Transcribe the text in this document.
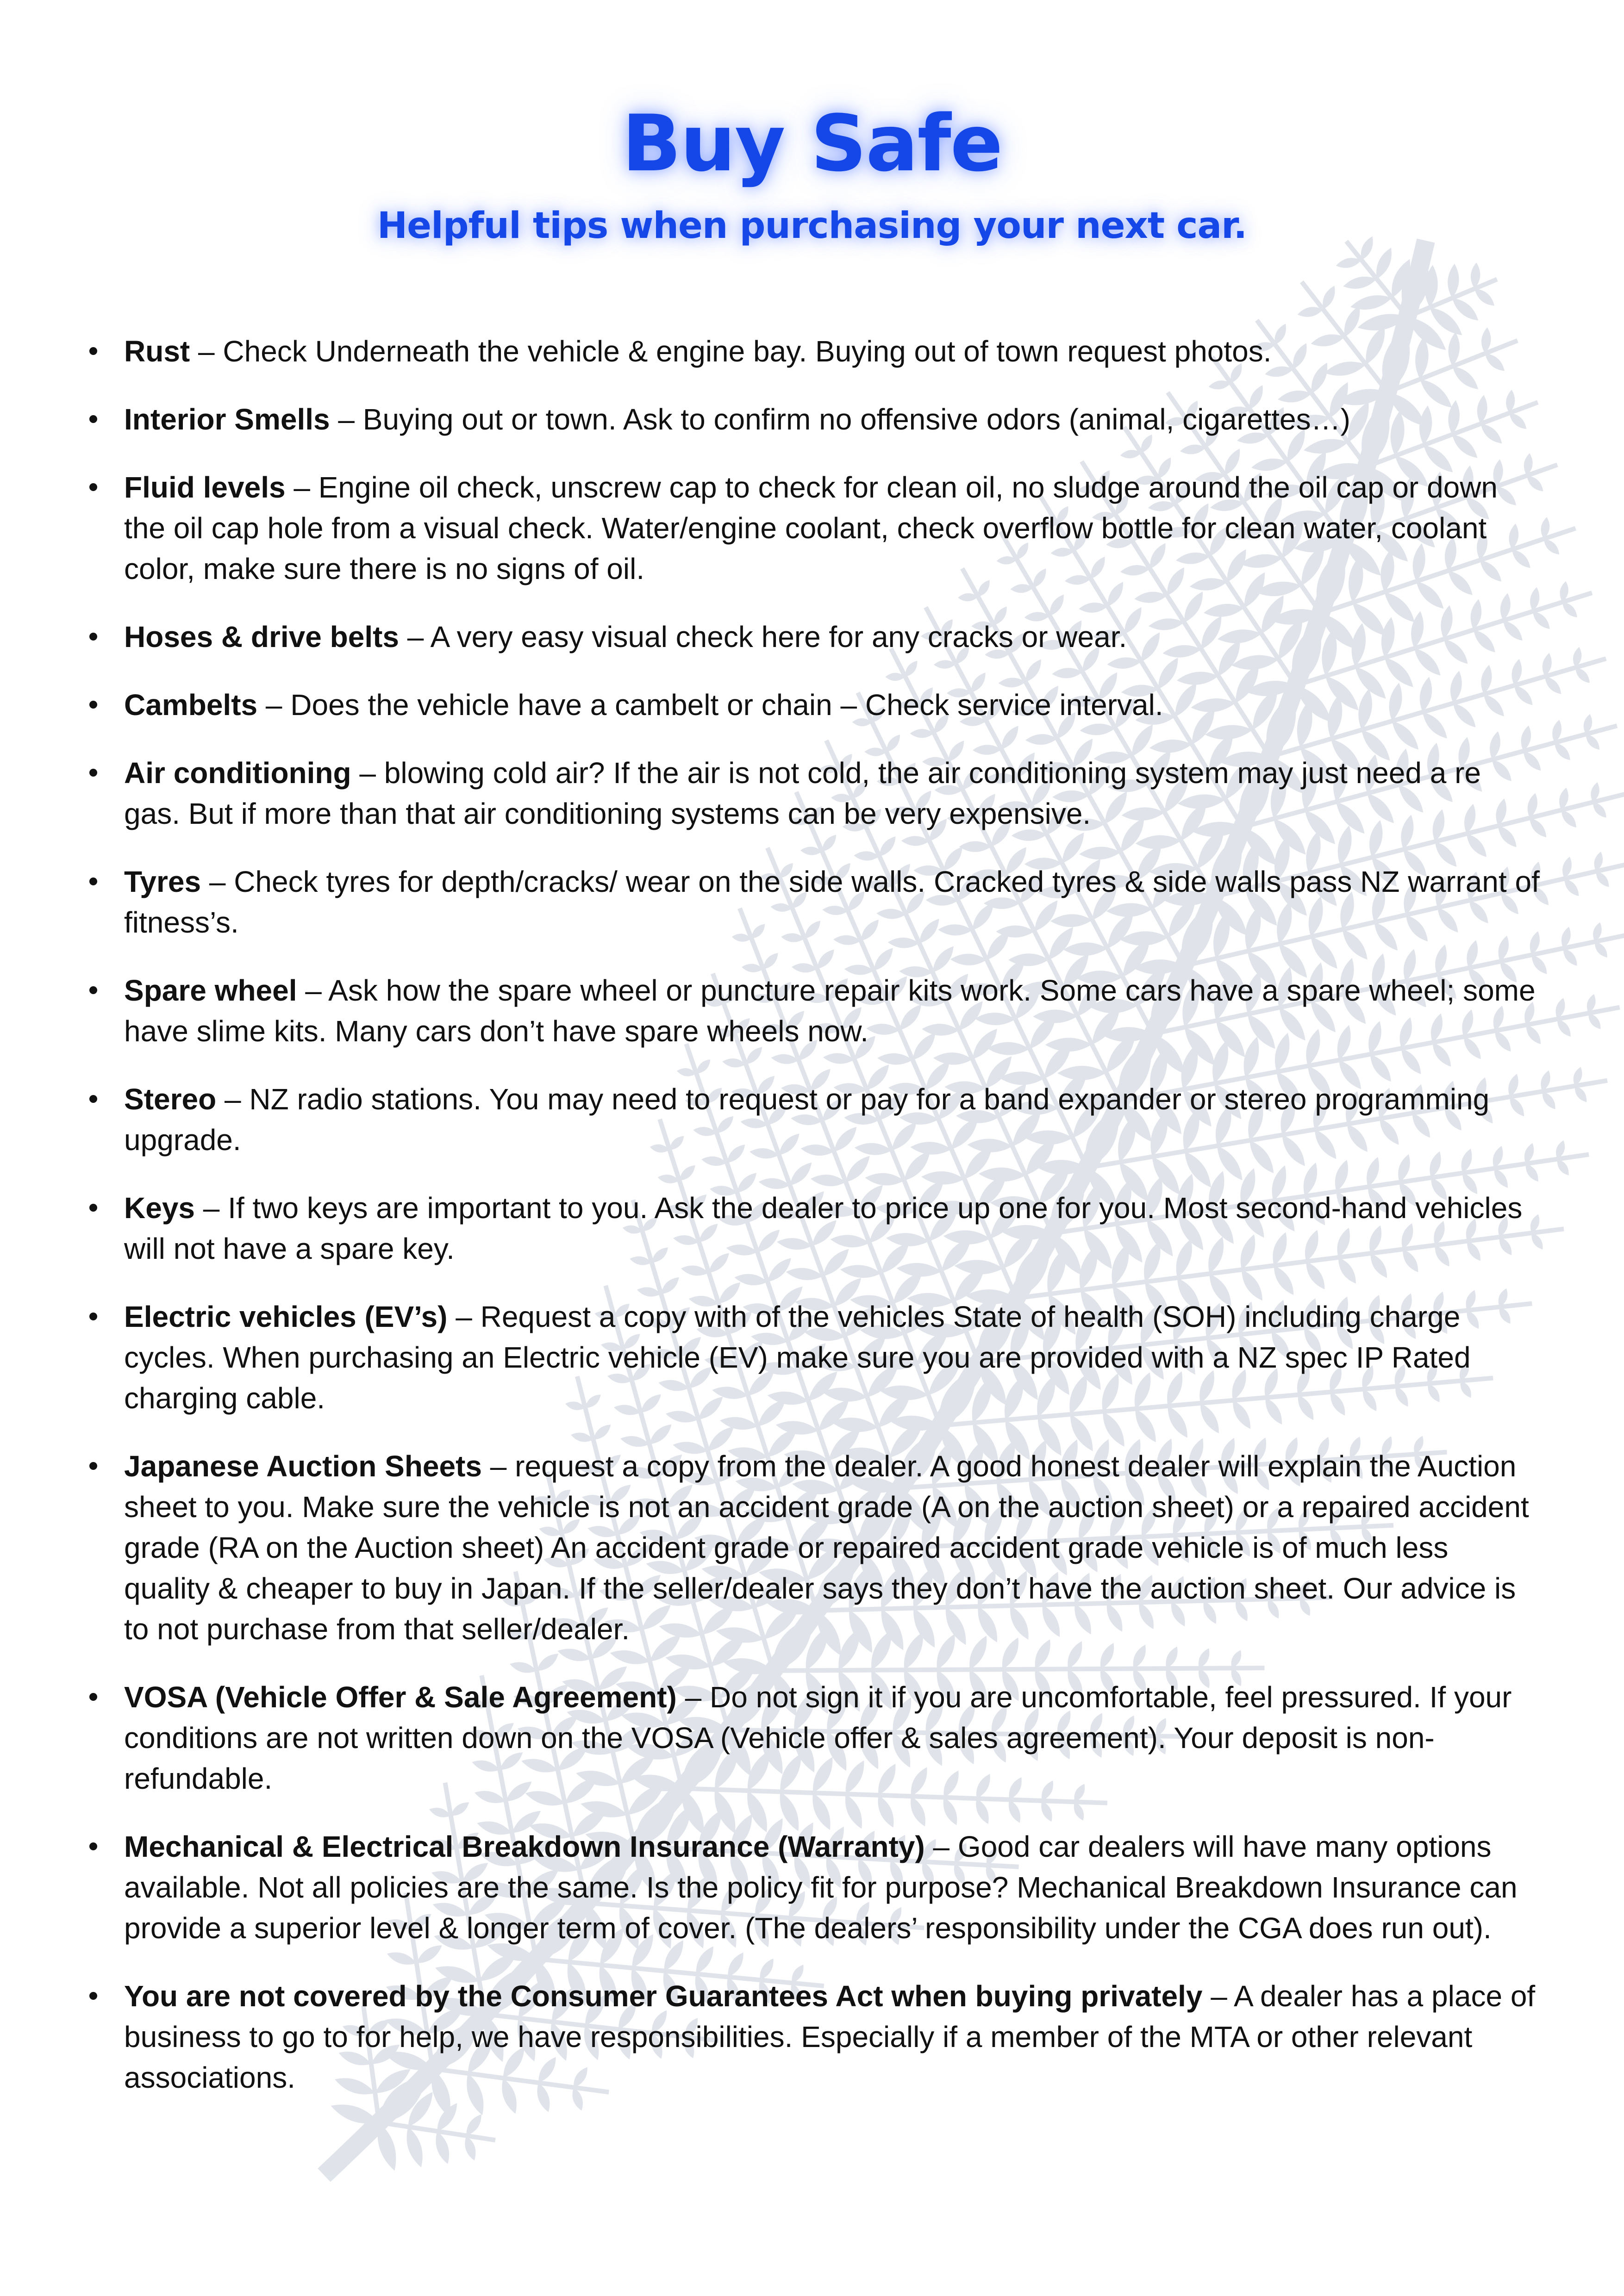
Buy Safe
Helpful tips when purchasing your next car.
Rust – Check Underneath the vehicle & engine bay. Buying out of town request photos.
Interior Smells – Buying out or town. Ask to confirm no offensive odors (animal, cigarettes…)
Fluid levels – Engine oil check, unscrew cap to check for clean oil, no sludge around the oil cap or down the oil cap hole from a visual check. Water/engine coolant, check overflow bottle for clean water, coolant color, make sure there is no signs of oil.
Hoses & drive belts – A very easy visual check here for any cracks or wear.
Cambelts – Does the vehicle have a cambelt or chain – Check service interval.
Air conditioning – blowing cold air? If the air is not cold, the air conditioning system may just need a re gas. But if more than that air conditioning systems can be very expensive.
Tyres – Check tyres for depth/cracks/ wear on the side walls. Cracked tyres & side walls pass NZ warrant of fitness’s.
Spare wheel – Ask how the spare wheel or puncture repair kits work. Some cars have a spare wheel; some have slime kits. Many cars don’t have spare wheels now.
Stereo – NZ radio stations. You may need to request or pay for a band expander or stereo programming upgrade.
Keys – If two keys are important to you. Ask the dealer to price up one for you. Most second-hand vehicles will not have a spare key.
Electric vehicles (EV’s) – Request a copy with of the vehicles State of health (SOH) including charge cycles. When purchasing an Electric vehicle (EV) make sure you are provided with a NZ spec IP Rated charging cable.
Japanese Auction Sheets – request a copy from the dealer. A good honest dealer will explain the Auction sheet to you. Make sure the vehicle is not an accident grade (A on the auction sheet) or a repaired accident grade (RA on the Auction sheet) An accident grade or repaired accident grade vehicle is of much less quality & cheaper to buy in Japan. If the seller/dealer says they don’t have the auction sheet. Our advice is to not purchase from that seller/dealer.
VOSA (Vehicle Offer & Sale Agreement) – Do not sign it if you are uncomfortable, feel pressured. If your conditions are not written down on the VOSA (Vehicle offer & sales agreement). Your deposit is non-refundable.
Mechanical & Electrical Breakdown Insurance (Warranty) – Good car dealers will have many options available. Not all policies are the same. Is the policy fit for purpose? Mechanical Breakdown Insurance can provide a superior level & longer term of cover. (The dealers’ responsibility under the CGA does run out).
You are not covered by the Consumer Guarantees Act when buying privately – A dealer has a place of business to go to for help, we have responsibilities. Especially if a member of the MTA or other relevant associations.
